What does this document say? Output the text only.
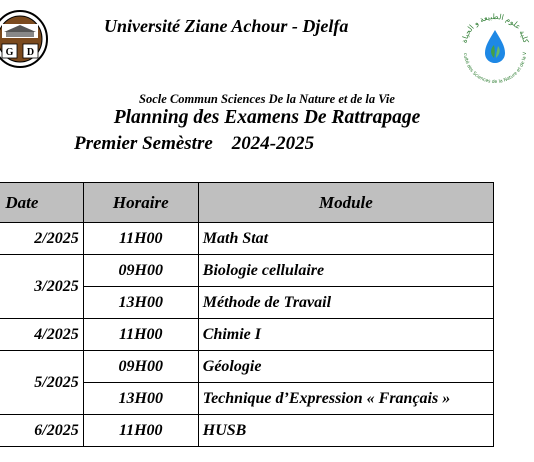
G D
كلية علوم الطبيعة و الحياة
culté des Sciences de la Nature et de la V
Université Ziane Achour - Djelfa
Socle Commun Sciences De la Nature et de la Vie
Planning des Examens De Rattrapage
Premier Semèstre 2024-2025
Date	Horaire	Module
2/2025	11H00	Math Stat
3/2025	09H00	Biologie cellulaire
	13H00	Méthode de Travail
4/2025	11H00	Chimie I
5/2025	09H00	Géologie
	13H00	Technique d’Expression « Français »
6/2025	11H00	HUSB
